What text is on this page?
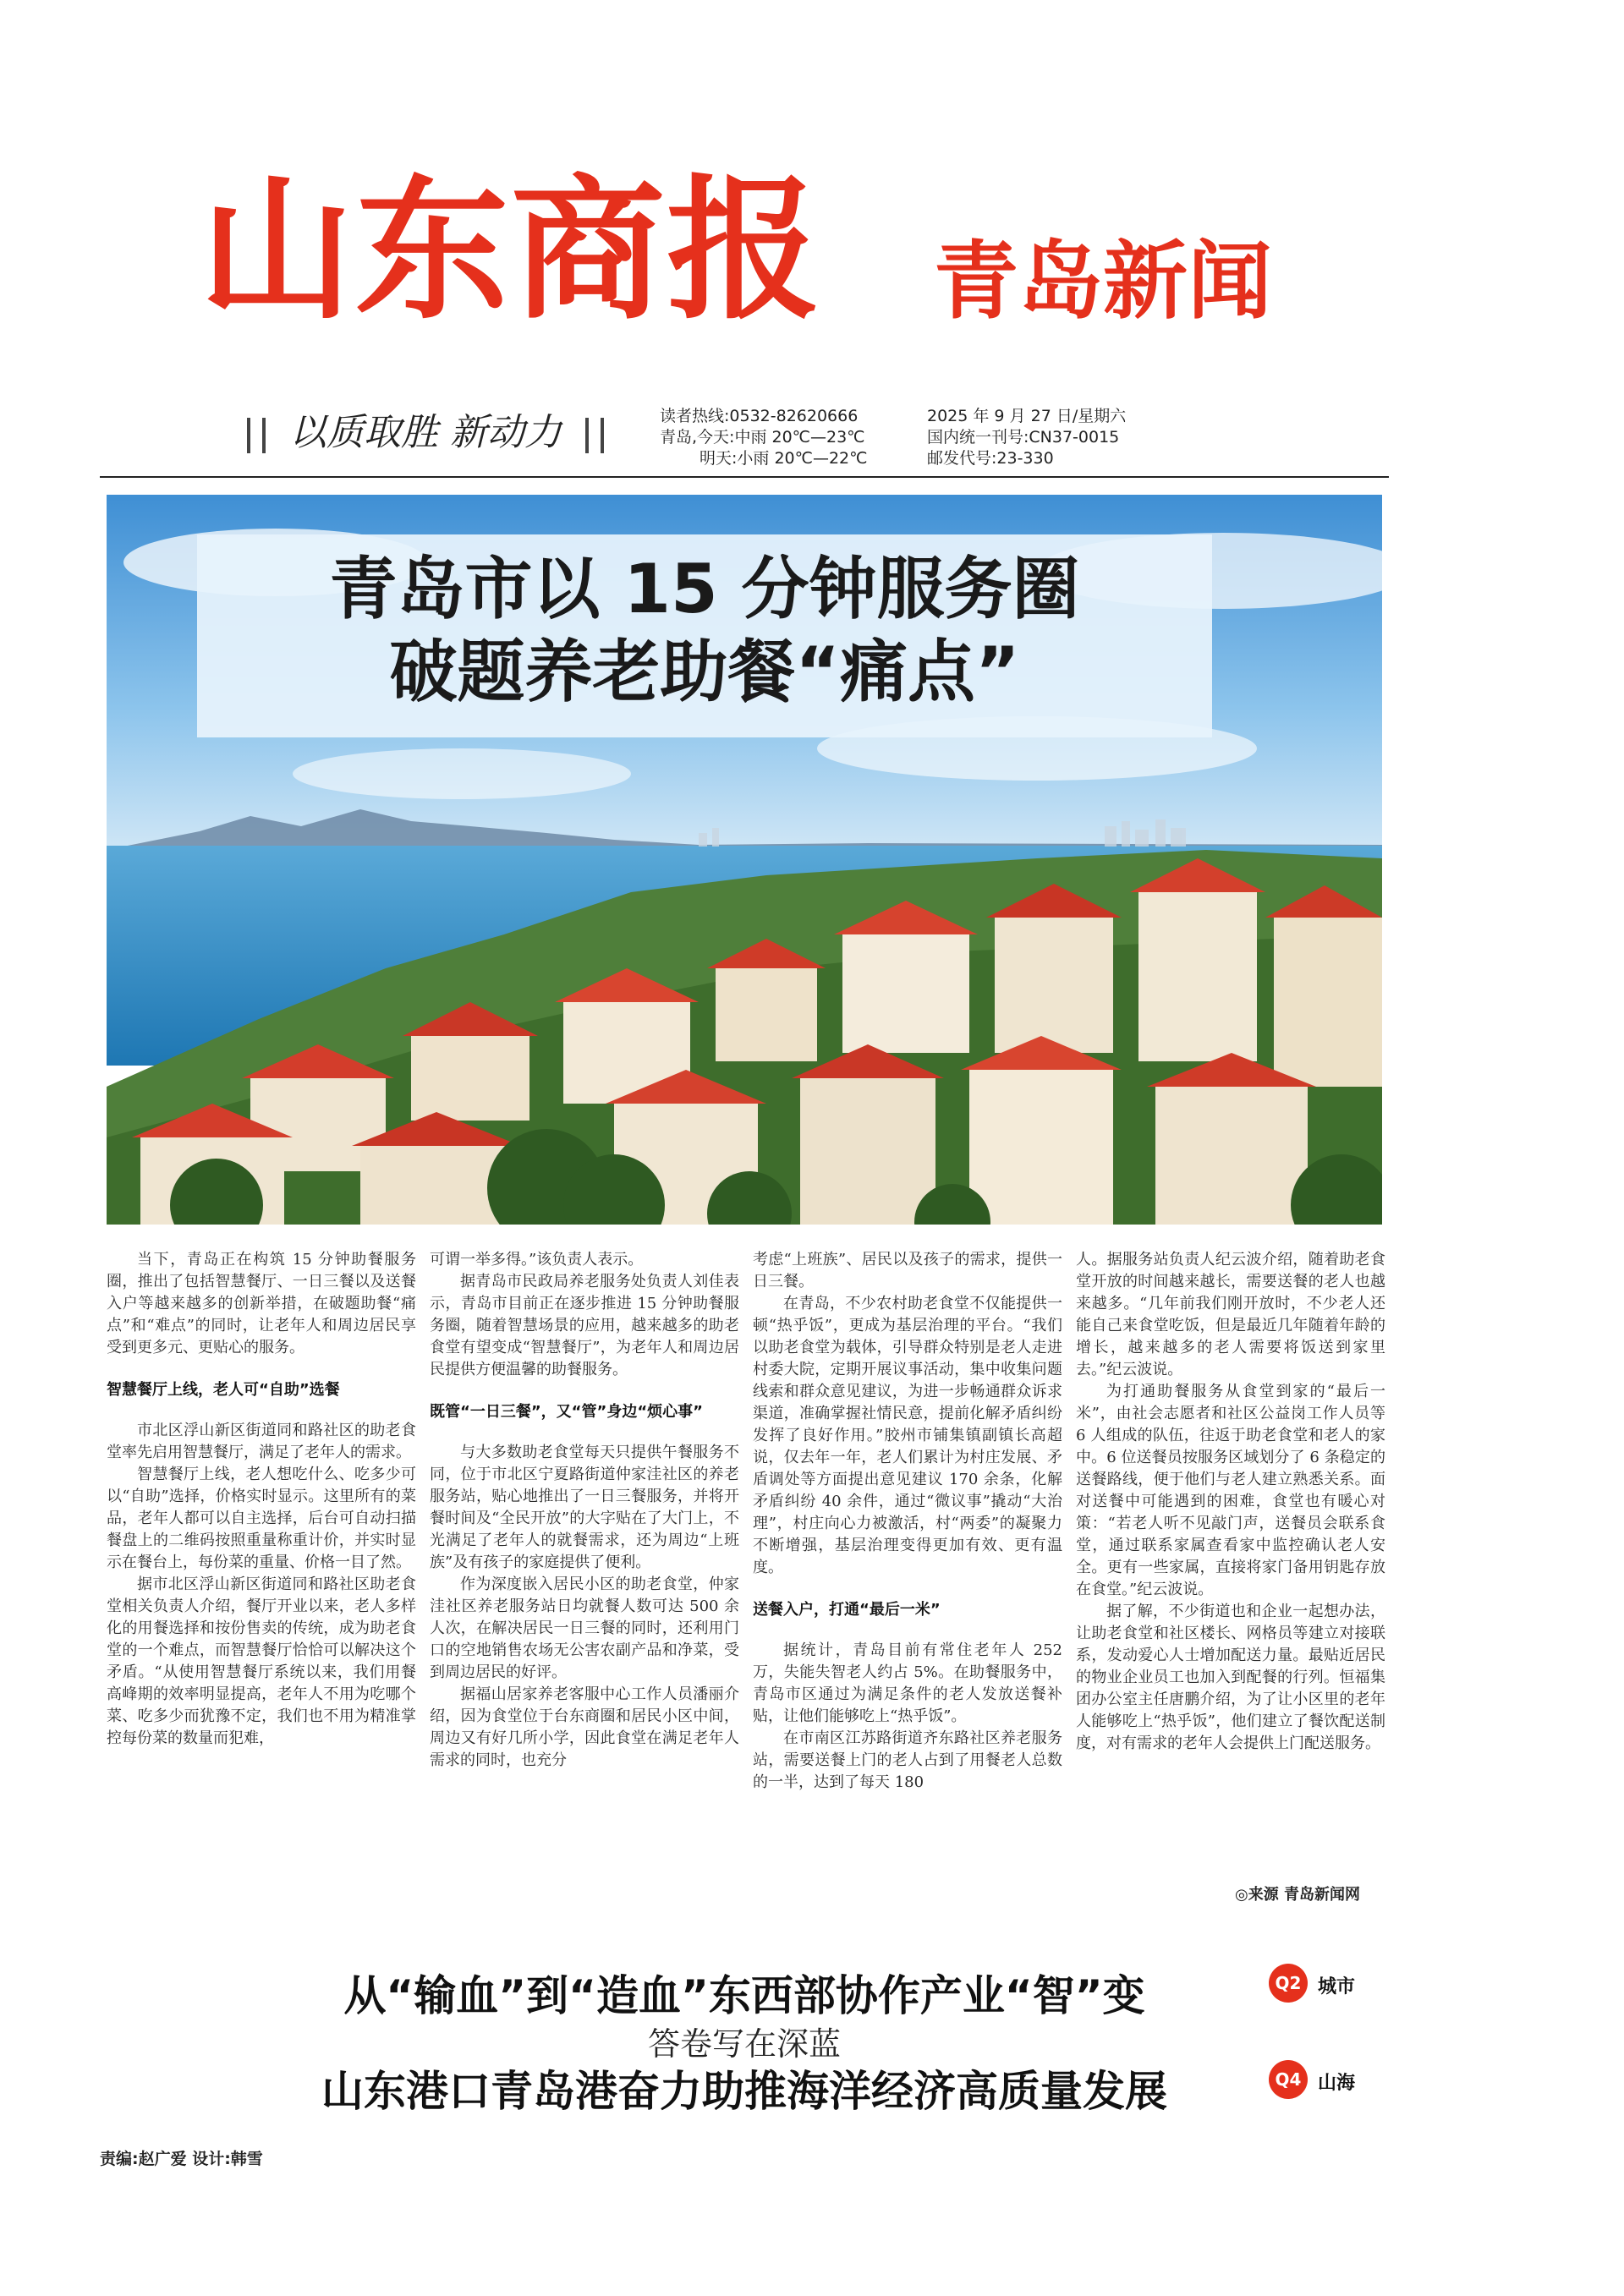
山东商报 青岛新闻
以质取胜 新动力	读者热线:0532-82620666
青岛,今天:中雨 20℃—23℃
明天:小雨 20℃—22℃
2025 年 9 月 27 日/星期六
国内统一刊号:CN37-0015
邮发代号:23-330
青岛市以 15 分钟服务圈
破题养老助餐“痛点”

当下，青岛正在构筑 15 分钟助餐服务圈，推出了包括智慧餐厅、一日三餐以及送餐入户等越来越多的创新举措，在破题助餐“痛点”和“难点”的同时，让老年人和周边居民享受到更多元、更贴心的服务。

智慧餐厅上线，老人可“自助”选餐

市北区浮山新区街道同和路社区的助老食堂率先启用智慧餐厅，满足了老年人的需求。

智慧餐厅上线，老人想吃什么、吃多少可以“自助”选择，价格实时显示。这里所有的菜品，老年人都可以自主选择，后台可自动扫描餐盘上的二维码按照重量称重计价，并实时显示在餐台上，每份菜的重量、价格一目了然。

据市北区浮山新区街道同和路社区助老食堂相关负责人介绍，餐厅开业以来，老人多样化的用餐选择和按份售卖的传统，成为助老食堂的一个难点，而智慧餐厅恰恰可以解决这个矛盾。“从使用智慧餐厅系统以来，我们用餐高峰期的效率明显提高，老年人不用为吃哪个菜、吃多少而犹豫不定，我们也不用为精准掌控每份菜的数量而犯难，

可谓一举多得。”该负责人表示。

据青岛市民政局养老服务处负责人刘佳表示，青岛市目前正在逐步推进 15 分钟助餐服务圈，随着智慧场景的应用，越来越多的助老食堂有望变成“智慧餐厅”，为老年人和周边居民提供方便温馨的助餐服务。

既管“一日三餐”，又“管”身边“烦心事”

与大多数助老食堂每天只提供午餐服务不同，位于市北区宁夏路街道仲家洼社区的养老服务站，贴心地推出了一日三餐服务，并将开餐时间及“全民开放”的大字贴在了大门上，不光满足了老年人的就餐需求，还为周边“上班族”及有孩子的家庭提供了便利。

作为深度嵌入居民小区的助老食堂，仲家洼社区养老服务站日均就餐人数可达 500 余人次，在解决居民一日三餐的同时，还利用门口的空地销售农场无公害农副产品和净菜，受到周边居民的好评。

据福山居家养老客服中心工作人员潘丽介绍，因为食堂位于台东商圈和居民小区中间，周边又有好几所小学，因此食堂在满足老年人需求的同时，也充分

考虑“上班族”、居民以及孩子的需求，提供一日三餐。

在青岛，不少农村助老食堂不仅能提供一顿“热乎饭”，更成为基层治理的平台。“我们以助老食堂为载体，引导群众特别是老人走进村委大院，定期开展议事活动，集中收集问题线索和群众意见建议，为进一步畅通群众诉求渠道，准确掌握社情民意，提前化解矛盾纠纷发挥了良好作用。”胶州市铺集镇副镇长高超说，仅去年一年，老人们累计为村庄发展、矛盾调处等方面提出意见建议 170 余条，化解矛盾纠纷 40 余件，通过“微议事”撬动“大治理”，村庄向心力被激活，村“两委”的凝聚力不断增强，基层治理变得更加有效、更有温度。

送餐入户，打通“最后一米”

据统计，青岛目前有常住老年人 252 万，失能失智老人约占 5%。在助餐服务中，青岛市区通过为满足条件的老人发放送餐补贴，让他们能够吃上“热乎饭”。

在市南区江苏路街道齐东路社区养老服务站，需要送餐上门的老人占到了用餐老人总数的一半，达到了每天 180

人。据服务站负责人纪云波介绍，随着助老食堂开放的时间越来越长，需要送餐的老人也越来越多。“几年前我们刚开放时，不少老人还能自己来食堂吃饭，但是最近几年随着年龄的增长，越来越多的老人需要将饭送到家里去。”纪云波说。

为打通助餐服务从食堂到家的“最后一米”，由社会志愿者和社区公益岗工作人员等 6 人组成的队伍，往返于助老食堂和老人的家中。6 位送餐员按服务区域划分了 6 条稳定的送餐路线，便于他们与老人建立熟悉关系。面对送餐中可能遇到的困难，食堂也有暖心对策：“若老人听不见敲门声，送餐员会联系食堂，通过联系家属查看家中监控确认老人安全。更有一些家属，直接将家门备用钥匙存放在食堂。”纪云波说。

据了解，不少街道也和企业一起想办法，让助老食堂和社区楼长、网格员等建立对接联系，发动爱心人士增加配送力量。最贴近居民的物业企业员工也加入到配餐的行列。恒福集团办公室主任唐鹏介绍，为了让小区里的老年人能够吃上“热乎饭”，他们建立了餐饮配送制度，对有需求的老年人会提供上门配送服务。

◎来源 青岛新闻网
从“输血”到“造血”东西部协作产业“智”变	Q2 城市
答卷写在深蓝
山东港口青岛港奋力助推海洋经济高质量发展	Q4 山海
责编:赵广爱 设计:韩雪
